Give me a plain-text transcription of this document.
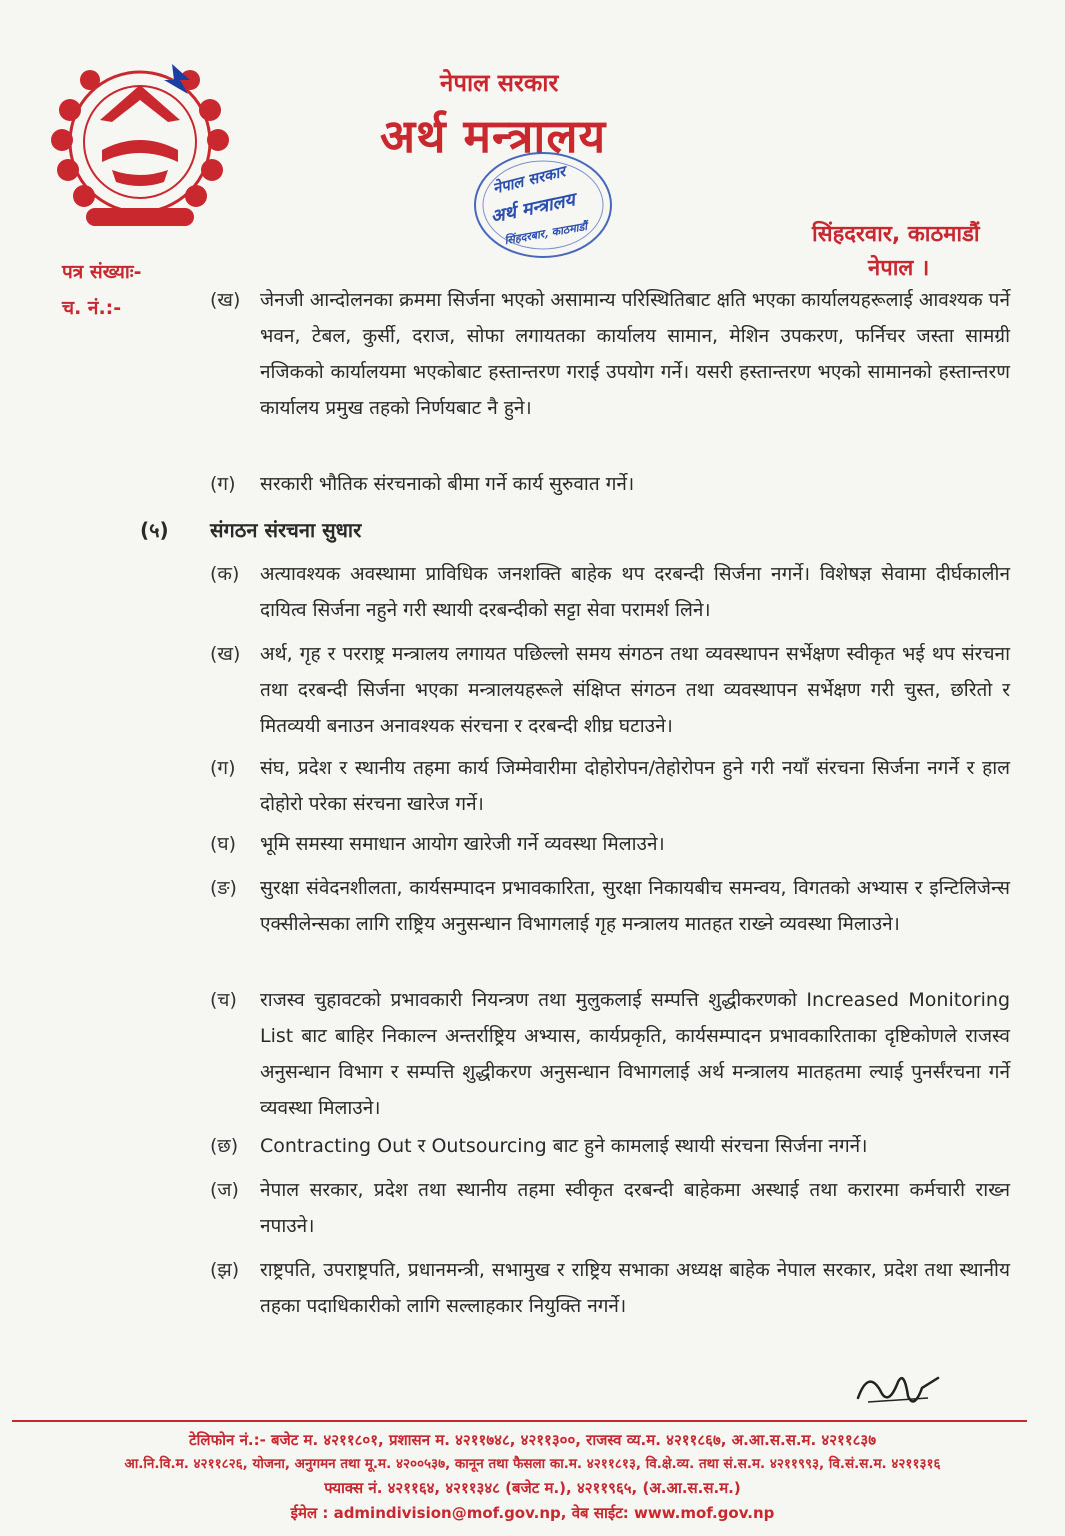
नेपाल सरकार
अर्थ मन्त्रालय
नेपाल सरकार
अर्थ मन्त्रालय
सिंहदरबार, काठमाडौं	सिंहदरवार, काठमाडौं
नेपाल ।
पत्र संख्याः-
च. नं.:-	(ख)	जेनजी आन्दोलनका क्रममा सिर्जना भएको असामान्य परिस्थितिबाट क्षति भएका कार्यालयहरूलाई आवश्यक पर्ने भवन, टेबल, कुर्सी, दराज, सोफा लगायतका कार्यालय सामान, मेशिन उपकरण, फर्निचर जस्ता सामग्री नजिकको कार्यालयमा भएकोबाट हस्तान्तरण गराई उपयोग गर्ने। यसरी हस्तान्तरण भएको सामानको हस्तान्तरण कार्यालय प्रमुख तहको निर्णयबाट नै हुने।
(ग)	सरकारी भौतिक संरचनाको बीमा गर्ने कार्य सुरुवात गर्ने।
(५) संगठन संरचना सुधार
(क)	अत्यावश्यक अवस्थामा प्राविधिक जनशक्ति बाहेक थप दरबन्दी सिर्जना नगर्ने। विशेषज्ञ सेवामा दीर्घकालीन दायित्व सिर्जना नहुने गरी स्थायी दरबन्दीको सट्टा सेवा परामर्श लिने।
(ख)	अर्थ, गृह र परराष्ट्र मन्त्रालय लगायत पछिल्लो समय संगठन तथा व्यवस्थापन सर्भेक्षण स्वीकृत भई थप संरचना तथा दरबन्दी सिर्जना भएका मन्त्रालयहरूले संक्षिप्त संगठन तथा व्यवस्थापन सर्भेक्षण गरी चुस्त, छरितो र मितव्ययी बनाउन अनावश्यक संरचना र दरबन्दी शीघ्र घटाउने।
(ग)	संघ, प्रदेश र स्थानीय तहमा कार्य जिम्मेवारीमा दोहोरोपन/तेहोरोपन हुने गरी नयाँ संरचना सिर्जना नगर्ने र हाल दोहोरो परेका संरचना खारेज गर्ने।
(घ)	भूमि समस्या समाधान आयोग खारेजी गर्ने व्यवस्था मिलाउने।
(ङ)	सुरक्षा संवेदनशीलता, कार्यसम्पादन प्रभावकारिता, सुरक्षा निकायबीच समन्वय, विगतको अभ्यास र इन्टिलिजेन्स एक्सीलेन्सका लागि राष्ट्रिय अनुसन्धान विभागलाई गृह मन्त्रालय मातहत राख्ने व्यवस्था मिलाउने।
(च)	राजस्व चुहावटको प्रभावकारी नियन्त्रण तथा मुलुकलाई सम्पत्ति शुद्धीकरणको Increased Monitoring List बाट बाहिर निकाल्न अन्तर्राष्ट्रिय अभ्यास, कार्यप्रकृति, कार्यसम्पादन प्रभावकारिताका दृष्टिकोणले राजस्व अनुसन्धान विभाग र सम्पत्ति शुद्धीकरण अनुसन्धान विभागलाई अर्थ मन्त्रालय मातहतमा ल्याई पुनर्संरचना गर्ने व्यवस्था मिलाउने।
(छ)	Contracting Out र Outsourcing बाट हुने कामलाई स्थायी संरचना सिर्जना नगर्ने।
(ज)	नेपाल सरकार, प्रदेश तथा स्थानीय तहमा स्वीकृत दरबन्दी बाहेकमा अस्थाई तथा करारमा कर्मचारी राख्न नपाउने।
(झ)	राष्ट्रपति, उपराष्ट्रपति, प्रधानमन्त्री, सभामुख र राष्ट्रिय सभाका अध्यक्ष बाहेक नेपाल सरकार, प्रदेश तथा स्थानीय तहका पदाधिकारीको लागि सल्लाहकार नियुक्ति नगर्ने।
टेलिफोन नं.:- बजेट म. ४२११८०१, प्रशासन म. ४२११७४८, ४२११३००, राजस्व व्य.म. ४२११८६७, अ.आ.स.स.म. ४२११८३७
आ.नि.वि.म. ४२११८२६, योजना, अनुगमन तथा मू.म. ४२००५३७, कानून तथा फैसला का.म. ४२११८१३, वि.क्षे.व्य. तथा सं.स.म. ४२११९९३, वि.सं.स.म. ४२११३१६
फ्याक्स नं. ४२११६४, ४२११३४८ (बजेट म.), ४२११९६५, (अ.आ.स.स.म.)
ईमेल : admindivision@mof.gov.np, वेब साईट: www.mof.gov.np
